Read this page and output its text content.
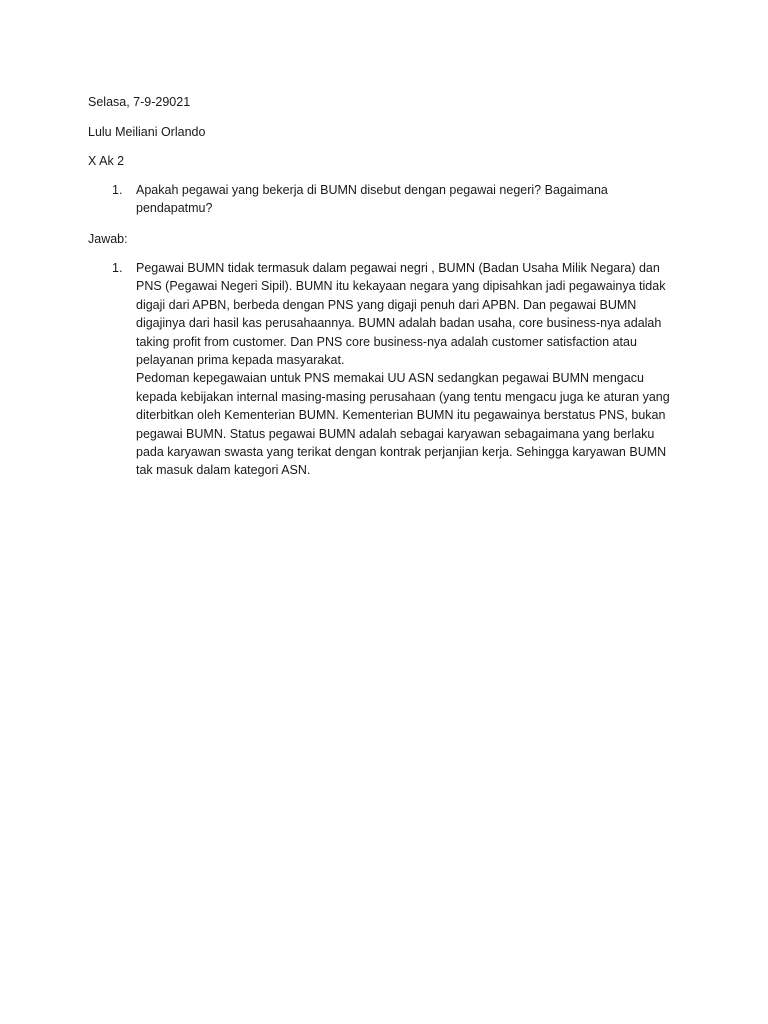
Selasa, 7-9-29021
Lulu Meiliani Orlando
X Ak 2
1. Apakah pegawai yang bekerja di BUMN disebut dengan pegawai negeri? Bagaimana pendapatmu?

Jawab:
1. Pegawai BUMN tidak termasuk dalam pegawai negri , BUMN (Badan Usaha Milik Negara) dan PNS (Pegawai Negeri Sipil). BUMN itu kekayaan negara yang dipisahkan jadi pegawainya tidak digaji dari APBN, berbeda dengan PNS yang digaji penuh dari APBN. Dan pegawai BUMN digajinya dari hasil kas perusahaannya. BUMN adalah badan usaha, core business-nya adalah taking profit from customer. Dan PNS core business-nya adalah customer satisfaction atau pelayanan prima kepada masyarakat.

Pedoman kepegawaian untuk PNS memakai UU ASN sedangkan pegawai BUMN mengacu kepada kebijakan internal masing-masing perusahaan (yang tentu mengacu juga ke aturan yang diterbitkan oleh Kementerian BUMN. Kementerian BUMN itu pegawainya berstatus PNS, bukan pegawai BUMN. Status pegawai BUMN adalah sebagai karyawan sebagaimana yang berlaku pada karyawan swasta yang terikat dengan kontrak perjanjian kerja. Sehingga karyawan BUMN tak masuk dalam kategori ASN.
